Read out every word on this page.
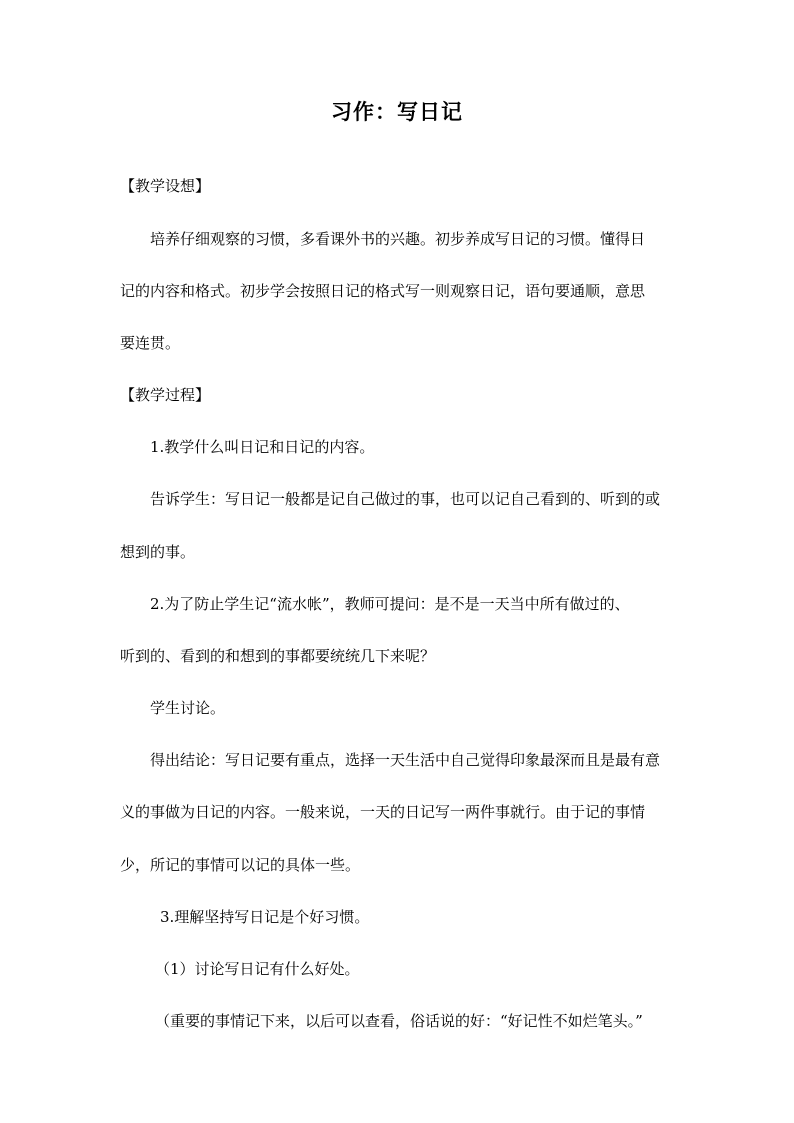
习作：写日记
【教学设想】
培养仔细观察的习惯，多看课外书的兴趣。初步养成写日记的习惯。懂得日
记的内容和格式。初步学会按照日记的格式写一则观察日记，语句要通顺，意思
要连贯。
【教学过程】
1.教学什么叫日记和日记的内容。
告诉学生：写日记一般都是记自己做过的事，也可以记自己看到的、听到的或
想到的事。
2.为了防止学生记“流水帐”，教师可提问：是不是一天当中所有做过的、
听到的、看到的和想到的事都要统统几下来呢？
学生讨论。
得出结论：写日记要有重点，选择一天生活中自己觉得印象最深而且是最有意
义的事做为日记的内容。一般来说，一天的日记写一两件事就行。由于记的事情
少，所记的事情可以记的具体一些。
3.理解坚持写日记是个好习惯。
（1）讨论写日记有什么好处。
（重要的事情记下来，以后可以查看，俗话说的好：“好记性不如烂笔头。”
